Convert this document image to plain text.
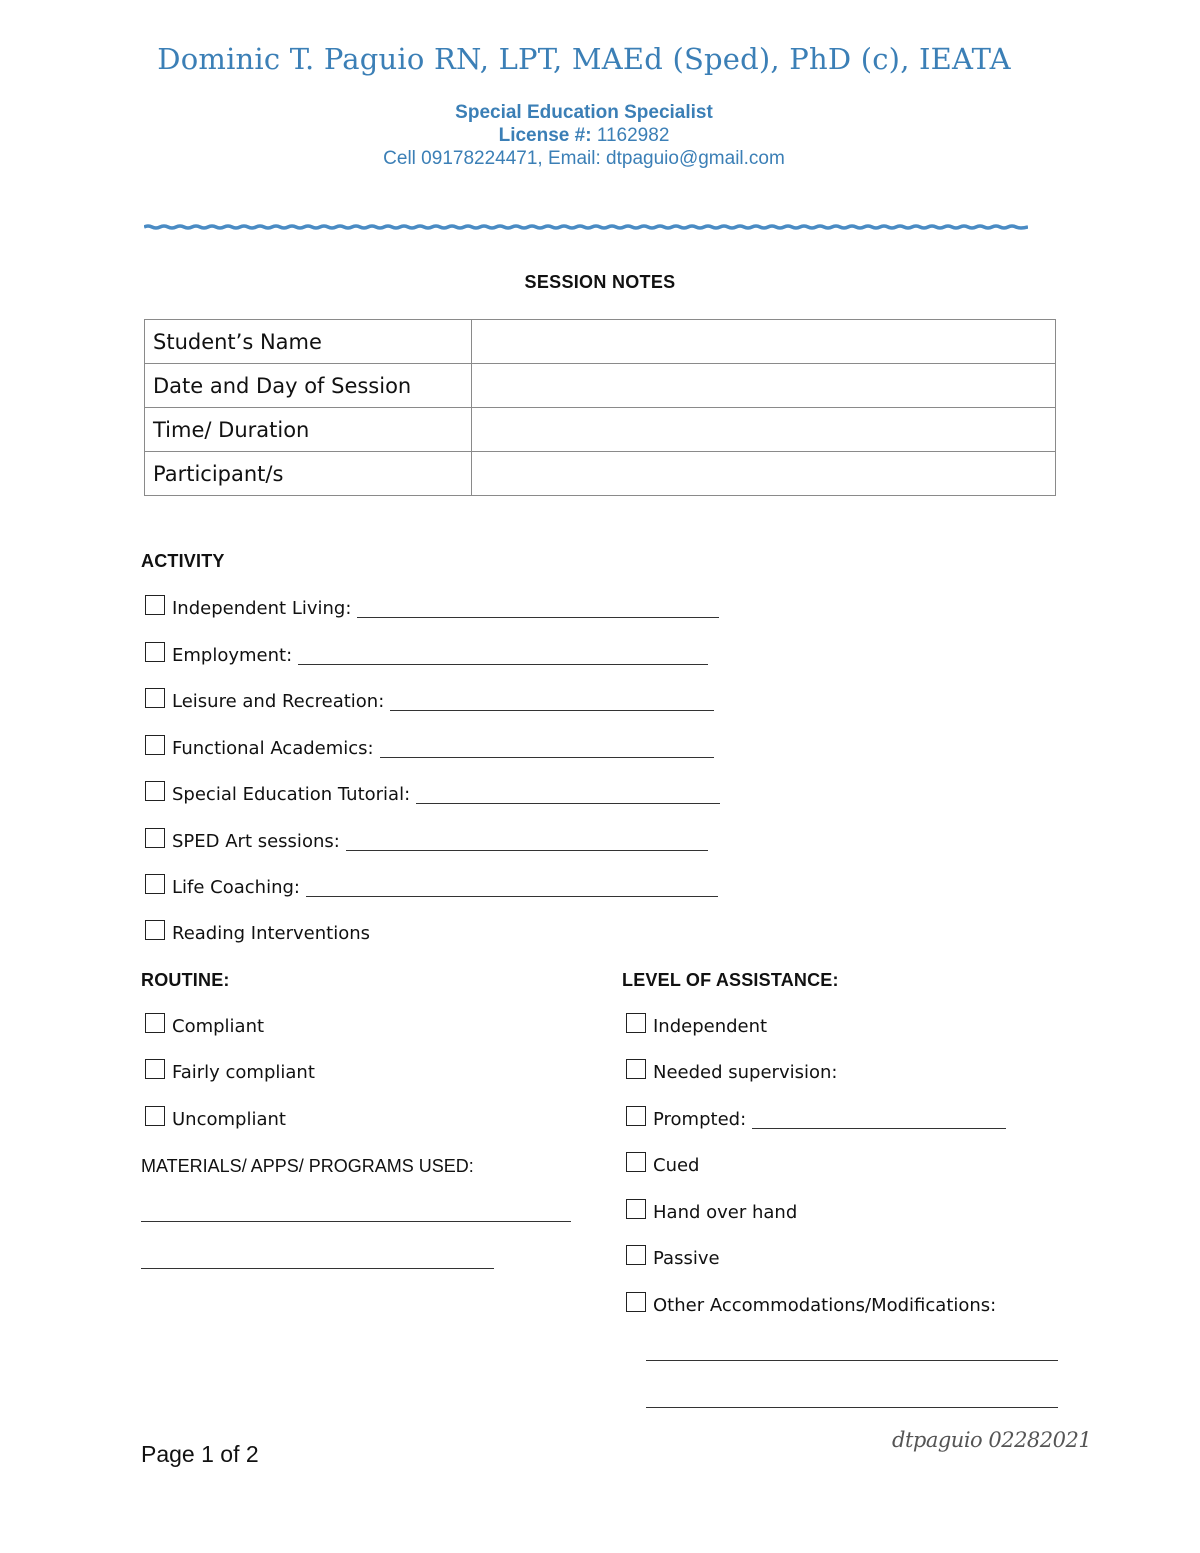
Dominic T. Paguio RN, LPT, MAEd (Sped), PhD (c), IEATA
Special Education Specialist
License #: 1162982
Cell 09178224471, Email: dtpaguio@gmail.com
SESSION NOTES
Student’s Name	
Date and Day of Session	
Time/ Duration	
Participant/s	
ACTIVITY
Independent Living:
Employment:
Leisure and Recreation:
Functional Academics:
Special Education Tutorial:
SPED Art sessions:
Life Coaching:
Reading Interventions
ROUTINE:
Compliant
Fairly compliant
Uncompliant
MATERIALS/ APPS/ PROGRAMS USED:
LEVEL OF ASSISTANCE:
Independent
Needed supervision:
Prompted:
Cued
Hand over hand
Passive
Other Accommodations/Modifications:
Page 1 of 2
dtpaguio 02282021
